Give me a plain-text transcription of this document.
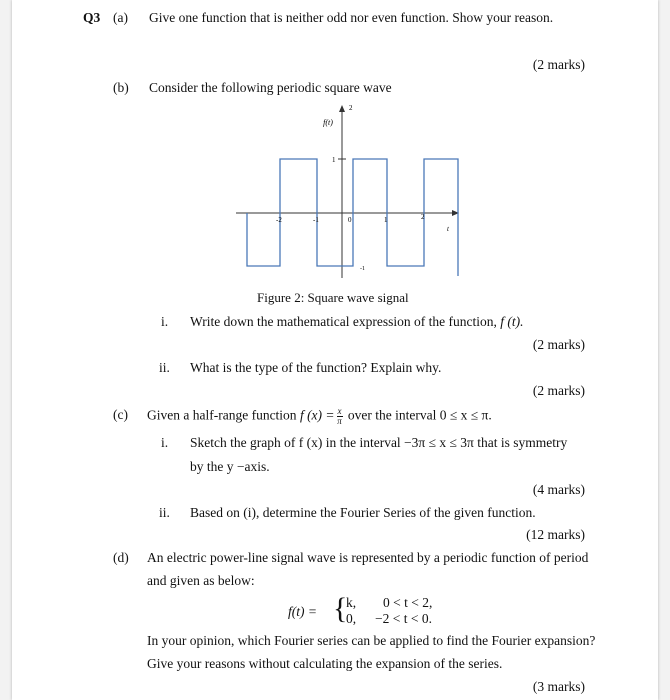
Q3 (a) Give one function that is neither odd nor even function. Show your reason.
(2 marks)
(b) Consider the following periodic square wave
f(t)
2
1
-1
0
-2	-1	1	2
t
Figure 2: Square wave signal
i. Write down the mathematical expression of the function, f (t).
(2 marks)
ii. What is the type of the function? Explain why.
(2 marks)
(c) Given a half-range function f $(x) = \frac{x}{\pi}$ over the interval 0 ≤ x ≤ π.
i. Sketch the graph of f (x) in the interval −3π ≤ x ≤ 3π that is symmetry
by the y −axis.
(4 marks)
ii. Based on (i), determine the Fourier Series of the given function.
(12 marks)
(d) An electric power-line signal wave is represented by a periodic function of period
and given as below:
f(t) = {
k, 0 < t < 2,
0, −2 < t < 0.
In your opinion, which Fourier series can be applied to find the Fourier expansion?
Give your reasons without calculating the expansion of the series.
(3 marks)
